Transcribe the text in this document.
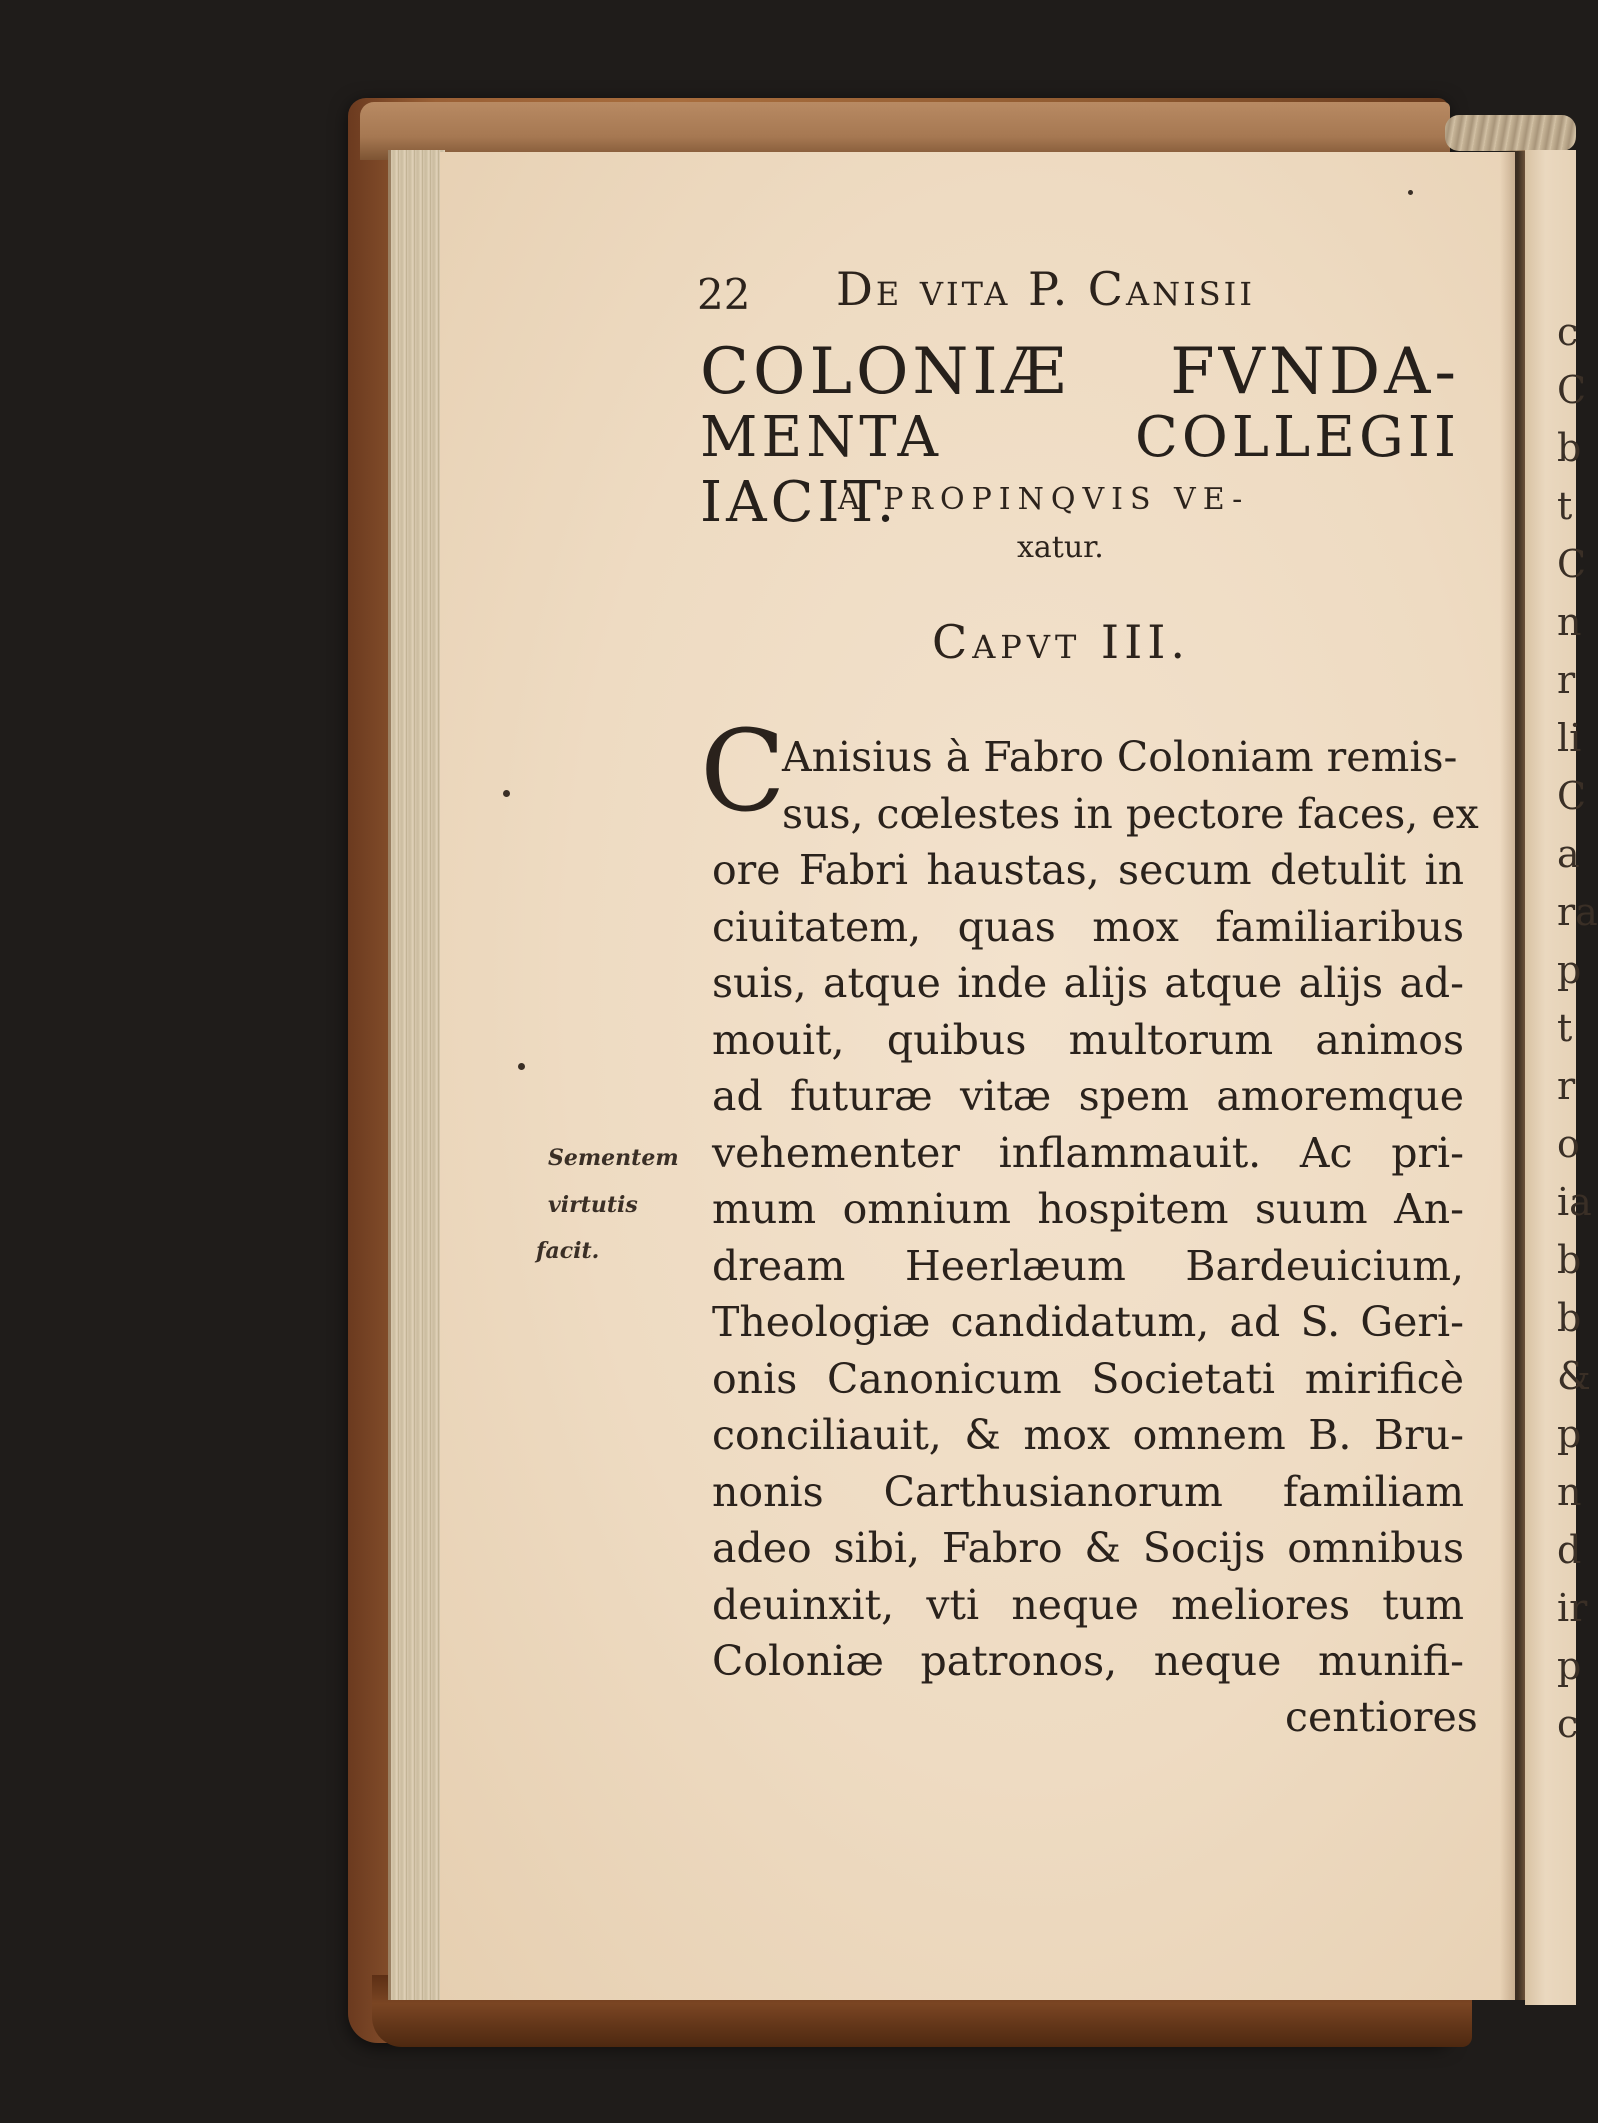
22 De vita P. Canisii
COLONIÆ FVNDA-
MENTA COLLEGII IACIT.
A PROPINQVIS VE-
xatur.
Capvt III.
C
Anisius à Fabro Coloniam remis-
sus, cœlestes in pectore faces, ex
ore Fabri haustas, secum detulit in
ciuitatem, quas mox familiaribus
suis, atque inde alijs atque alijs ad-
mouit, quibus multorum animos
ad futuræ vitæ spem amoremque
vehementer inflammauit. Ac pri-
mum omnium hospitem suum An-
dream Heerlæum Bardeuicium,
Theologiæ candidatum, ad S. Geri-
onis Canonicum Societati mirificè
conciliauit, & mox omnem B. Bru-
nonis Carthusianorum familiam
adeo sibi, Fabro & Socijs omnibus
deuinxit, vti neque meliores tum
Coloniæ patronos, neque munifi-
centiores
Sementem
virtutis
facit.
c
C
b
t
C
n
r
li
C
a
ra
p
t
r
o
ia
b
b
&
p
n
d
ir
p
c
